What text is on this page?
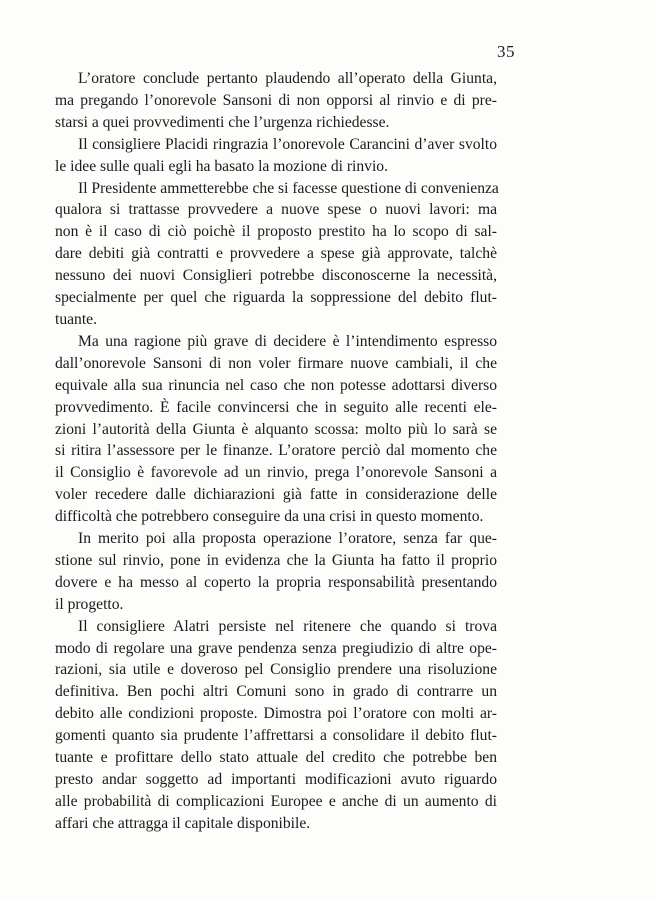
35

L’oratore conclude pertanto plaudendo all’operato della Giunta,
ma pregando l’onorevole Sansoni di non opporsi al rinvio e di pre-
starsi a quei provvedimenti che l’urgenza richiedesse.

Il consigliere Placidi ringrazia l’onorevole Carancini d’aver svolto
le idee sulle quali egli ha basato la mozione di rinvio.

Il Presidente ammetterebbe che si facesse questione di convenienza
qualora si trattasse provvedere a nuove spese o nuovi lavori: ma
non è il caso di ciò poichè il proposto prestito ha lo scopo di sal-
dare debiti già contratti e provvedere a spese già approvate, talchè
nessuno dei nuovi Consiglieri potrebbe disconoscerne la necessità,
specialmente per quel che riguarda la soppressione del debito flut-
tuante.

Ma una ragione più grave di decidere è l’intendimento espresso
dall’onorevole Sansoni di non voler firmare nuove cambiali, il che
equivale alla sua rinuncia nel caso che non potesse adottarsi diverso
provvedimento. È facile convincersi che in seguito alle recenti ele-
zioni l’autorità della Giunta è alquanto scossa: molto più lo sarà se
si ritira l’assessore per le finanze. L’oratore perciò dal momento che
il Consiglio è favorevole ad un rinvio, prega l’onorevole Sansoni a
voler recedere dalle dichiarazioni già fatte in considerazione delle
difficoltà che potrebbero conseguire da una crisi in questo momento.

In merito poi alla proposta operazione l’oratore, senza far que-
stione sul rinvio, pone in evidenza che la Giunta ha fatto il proprio
dovere e ha messo al coperto la propria responsabilità presentando
il progetto.

Il consigliere Alatri persiste nel ritenere che quando si trova
modo di regolare una grave pendenza senza pregiudizio di altre ope-
razioni, sia utile e doveroso pel Consiglio prendere una risoluzione
definitiva. Ben pochi altri Comuni sono in grado di contrarre un
debito alle condizioni proposte. Dimostra poi l’oratore con molti ar-
gomenti quanto sia prudente l’affrettarsi a consolidare il debito flut-
tuante e profittare dello stato attuale del credito che potrebbe ben
presto andar soggetto ad importanti modificazioni avuto riguardo
alle probabilità di complicazioni Europee e anche di un aumento di
affari che attragga il capitale disponibile.
